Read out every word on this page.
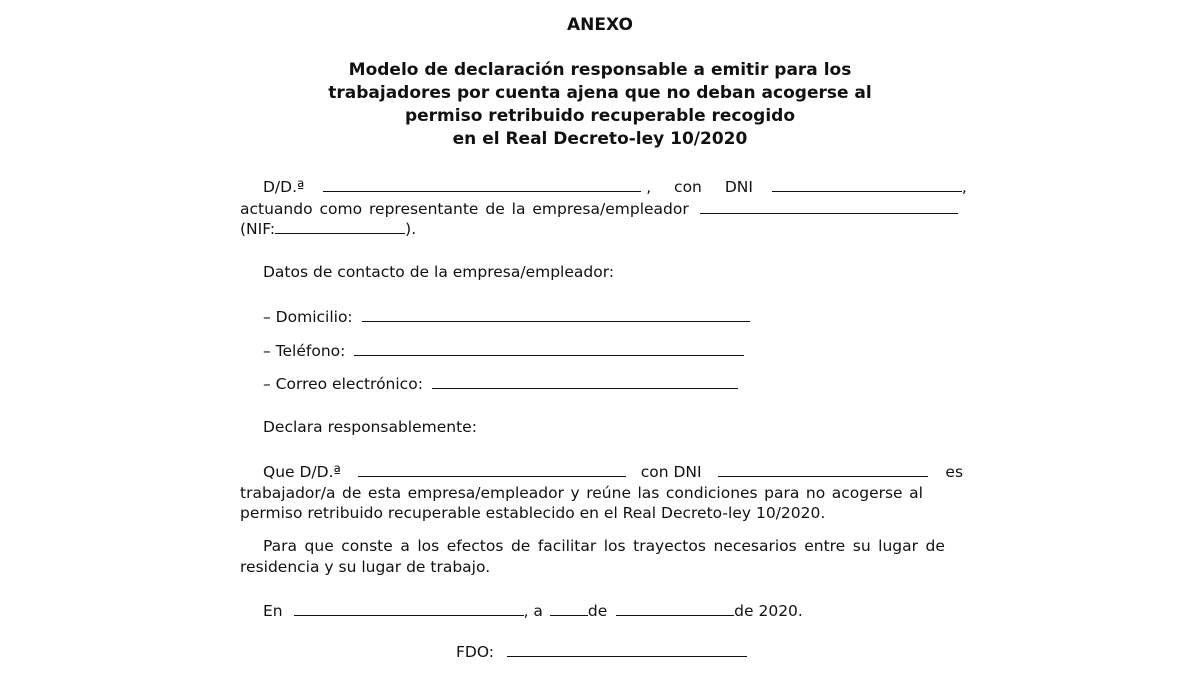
ANEXO
Modelo de declaración responsable a emitir para los
trabajadores por cuenta ajena que no deban acogerse al
permiso retribuido recuperable recogido
en el Real Decreto-ley 10/2020
D/D.ª	, con DNI	,
actuando como representante de la empresa/empleador
(NIF:	).
Datos de contacto de la empresa/empleador:
– Domicilio:
– Teléfono:
– Correo electrónico:
Declara responsablemente:
Que D/D.ª	con DNI	es
trabajador/a de esta empresa/empleador y reúne las condiciones para no acogerse al
permiso retribuido recuperable establecido en el Real Decreto-ley 10/2020.
Para que conste a los efectos de facilitar los trayectos necesarios entre su lugar de
residencia y su lugar de trabajo.
En	, a	de	de 2020.
FDO:
